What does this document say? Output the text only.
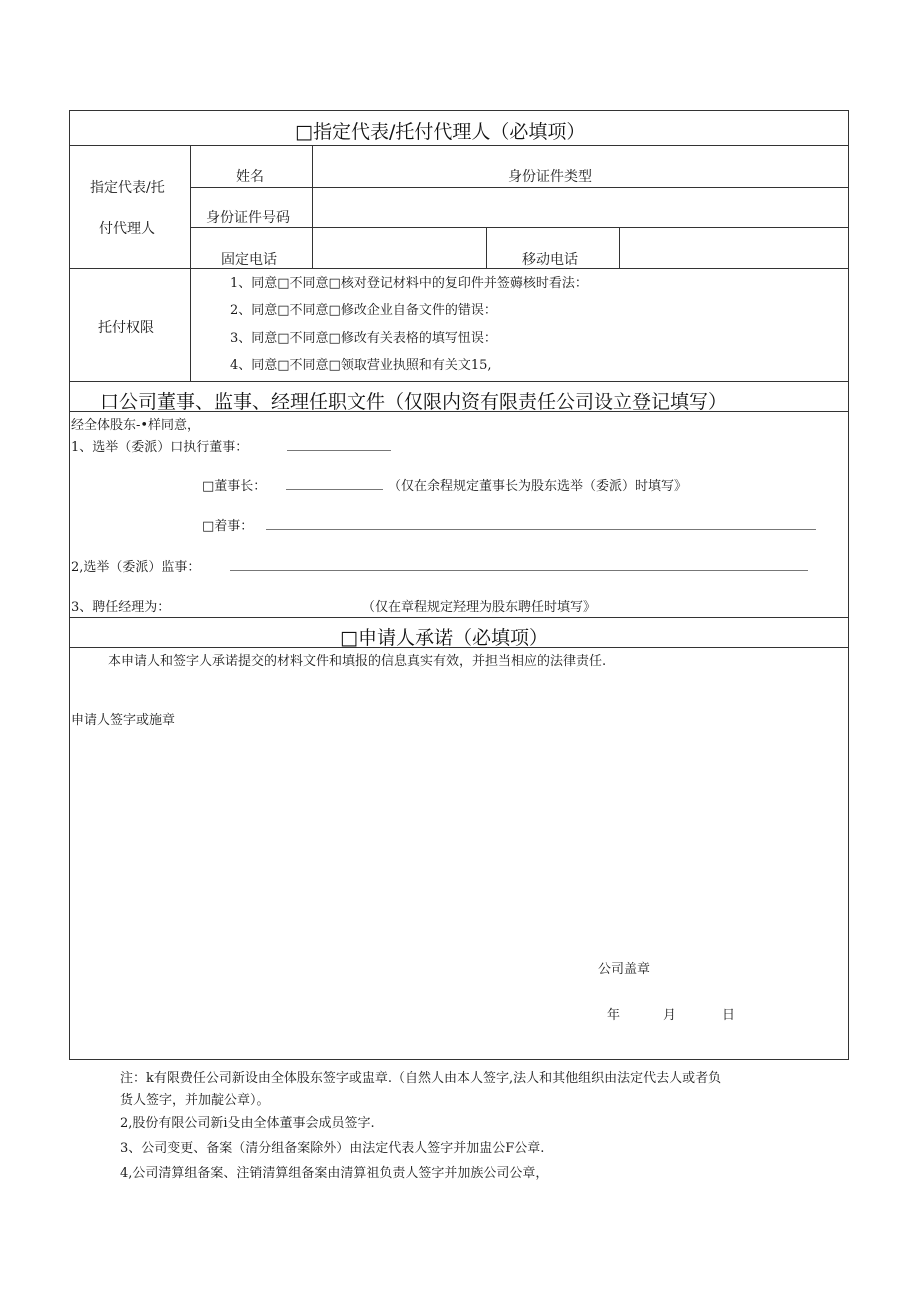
□指定代表/托付代理人（必填项）
指定代表/托
付代理人
姓名	身份证件类型
身份证件号码
固定电话	移动电话
托付权限
1、同意□不同意□核对登记材料中的复印件并签薅核时看法：
2、同意□不同意□修改企业自备文件的错误：
3、同意□不同意□修改有关表格的填写忸误：
4、同意□不同意□领取营业执照和有关文15,
口公司董事、监事、经理任职文件（仅限内资有限责任公司设立登记填写）
经全体股东-•样同意，
1、选举（委派）口执行董事：
□董事长：	（仅在余程规定董事长为股东选举（委派）时填写》
□着事：
2,选举（委派）监事：
3、聘任经理为：	（仅在章程规定羟理为股东聘任时填写》
□申请人承诺（必填项）
本申请人和签字人承诺提交的材料文件和填报的信息真实有效，并担当相应的法律责任.
申请人签字或施章
公司盖章
年	月	日
注：k有限费任公司新设由全体股东签字或盅章.（自然人由本人签字,法人和其他组织由法定代去人或者负
货人签字，并加靛公章）。
2,股份有限公司新i殳由全体董事会成员签字.
3、公司变更、备案（清分组备案除外）由法定代表人签字并加盅公F公章.
4,公司清算组备案、注销清算组备案由清算祖负责人签字并加族公司公章，
